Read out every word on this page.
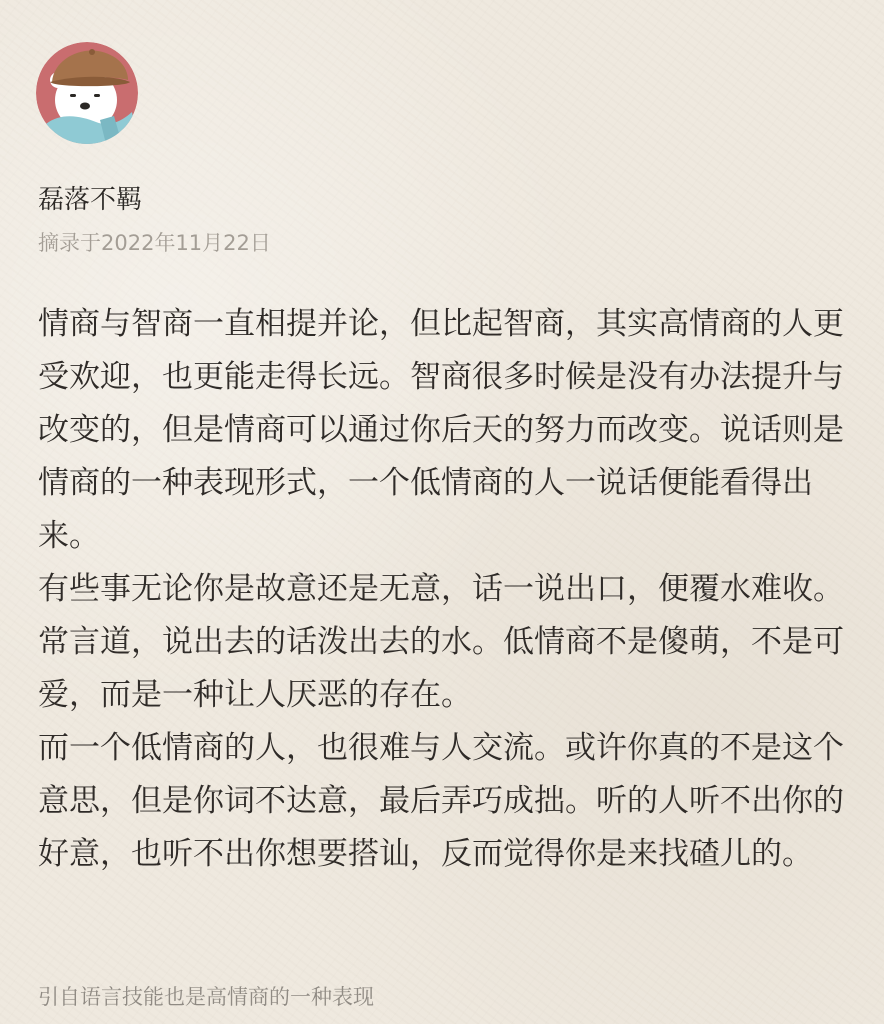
磊落不羁
摘录于2022年11月22日

情商与智商一直相提并论，但比起智商，其实高情商的人更受欢迎，也更能走得长远。智商很多时候是没有办法提升与改变的，但是情商可以通过你后天的努力而改变。说话则是情商的一种表现形式，一个低情商的人一说话便能看得出来。

有些事无论你是故意还是无意，话一说出口，便覆水难收。常言道，说出去的话泼出去的水。低情商不是傻萌，不是可爱，而是一种让人厌恶的存在。

而一个低情商的人，也很难与人交流。或许你真的不是这个意思，但是你词不达意，最后弄巧成拙。听的人听不出你的好意，也听不出你想要搭讪，反而觉得你是来找碴儿的。

引自语言技能也是高情商的一种表现
